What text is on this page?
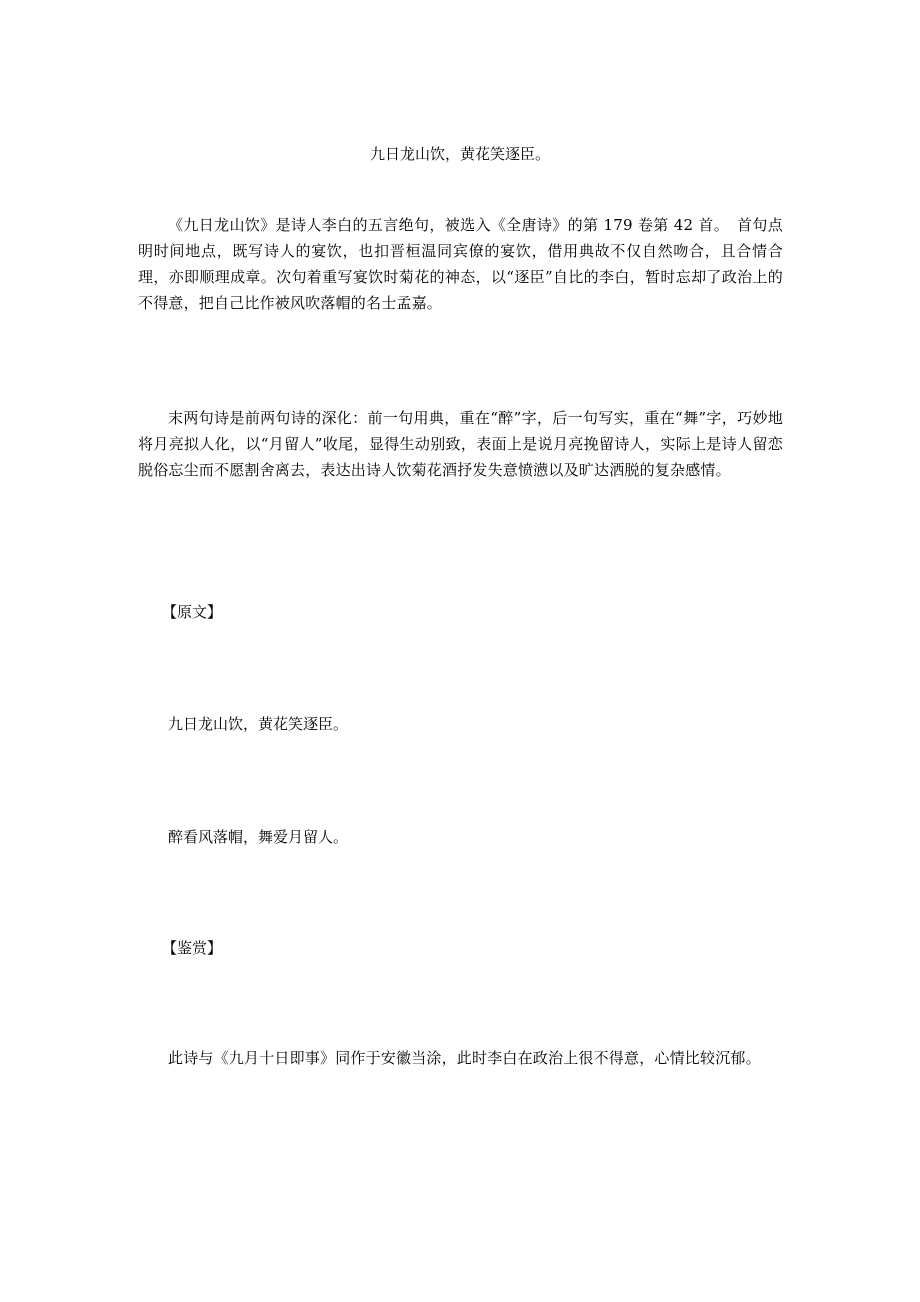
九日龙山饮，黄花笑逐臣。
《九日龙山饮》是诗人李白的五言绝句，被选入《全唐诗》的第 179 卷第 42 首。　首句点明时间地点，既写诗人的宴饮，也扣晋桓温同宾僚的宴饮，借用典故不仅自然吻合，且合情合理，亦即顺理成章。次句着重写宴饮时菊花的神态，以“逐臣”自比的李白，暂时忘却了政治上的不得意，把自己比作被风吹落帽的名士孟嘉。
末两句诗是前两句诗的深化：前一句用典，重在“醉”字，后一句写实，重在“舞”字，巧妙地将月亮拟人化，以“月留人”收尾，显得生动别致，表面上是说月亮挽留诗人，实际上是诗人留恋脱俗忘尘而不愿割舍离去，表达出诗人饮菊花酒抒发失意愤懑以及旷达洒脱的复杂感情。
【原文】
九日龙山饮，黄花笑逐臣。
醉看风落帽，舞爱月留人。
【鉴赏】
此诗与《九月十日即事》同作于安徽当涂，此时李白在政治上很不得意，心情比较沉郁。
